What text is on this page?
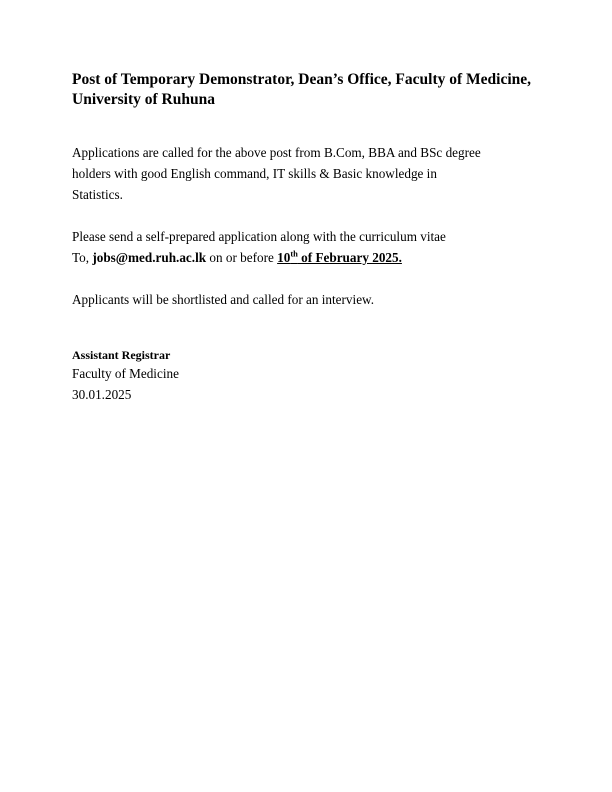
Post of Temporary Demonstrator, Dean’s Office, Faculty of Medicine,
University of Ruhuna

Applications are called for the above post from B.Com, BBA and BSc degree
holders with good English command, IT skills & Basic knowledge in
Statistics.

Please send a self-prepared application along with the curriculum vitae
To, jobs@med.ruh.ac.lk on or before 10th of February 2025.

Applicants will be shortlisted and called for an interview.

Assistant Registrar
Faculty of Medicine
30.01.2025
